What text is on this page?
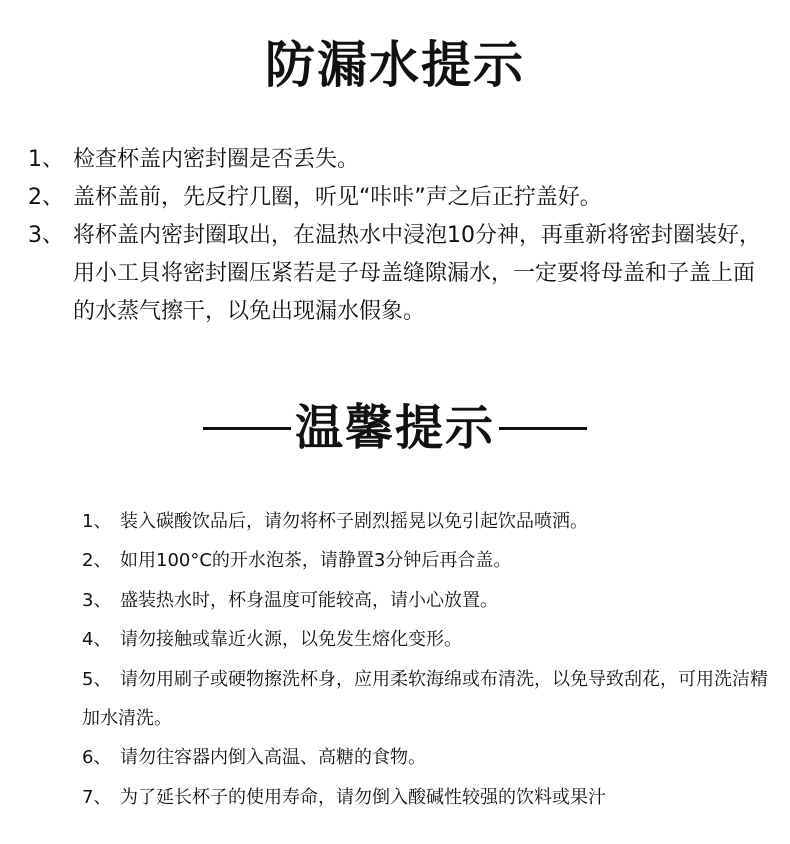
防漏水提示
1、 检查杯盖内密封圈是否丢失。
2、 盖杯盖前，先反拧几圈，听见“咔咔”声之后正拧盖好。
3、 将杯盖内密封圈取出，在温热水中浸泡10分神，再重新将密封圈装好，用小工貝将密封圈压紧若是子母盖缝隙漏水，一定要将母盖和子盖上面的水蒸气擦干，以免出现漏水假象。
温馨提示
1、 装入碳酸饮品后，请勿将杯子剧烈摇晃以免引起饮品喷洒。
2、 如用100°C的开水泡茶，请静置3分钟后再合盖。
3、 盛装热水时，杯身温度可能较高，请小心放置。
4、 请勿接触或靠近火源，以免发生熔化变形。
5、 请勿用刷子或硬物擦洗杯身，应用柔软海绵或布清洗，以免导致刮花，可用洗洁精加水清洗。
6、 请勿往容器内倒入高温、高糖的食物。
7、 为了延长杯子的使用寿命，请勿倒入酸碱性较强的饮料或果汁
